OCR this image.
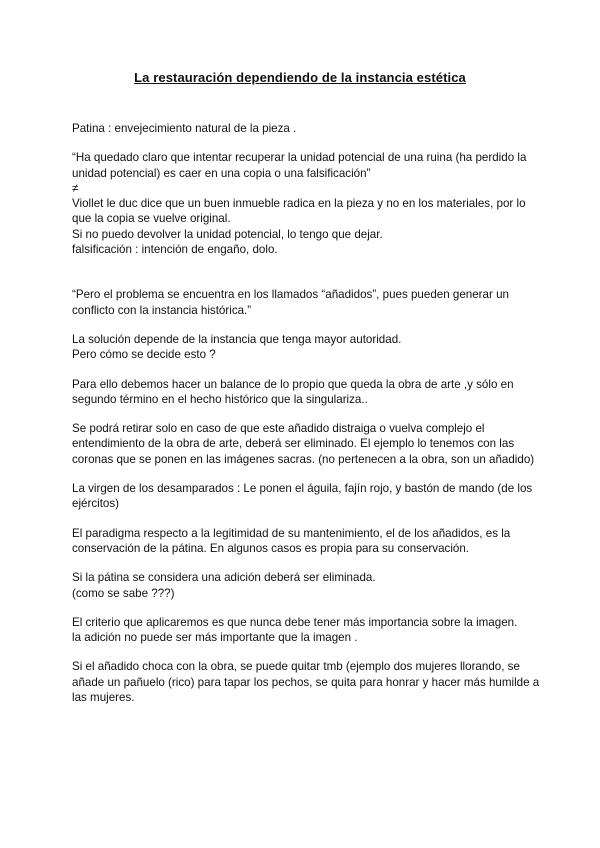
La restauración dependiendo de la instancia estética
Patina : envejecimiento natural de la pieza .
“Ha quedado claro que intentar recuperar la unidad potencial de una ruina (ha perdido la
unidad potencial) es caer en una copia o una falsificación”
≠
Viollet le duc dice que un buen inmueble radica en la pieza y no en los materiales, por lo
que la copia se vuelve original.
Si no puedo devolver la unidad potencial, lo tengo que dejar.
falsificación : intención de engaño, dolo.
“Pero el problema se encuentra en los llamados “añadidos”, pues pueden generar un
conflicto con la instancia histórica.”
La solución depende de la instancia que tenga mayor autoridad.
Pero cómo se decide esto ?
Para ello debemos hacer un balance de lo propio que queda la obra de arte ,y sólo en
segundo término en el hecho histórico que la singulariza..
Se podrá retirar solo en caso de que este añadido distraiga o vuelva complejo el
entendimiento de la obra de arte, deberá ser eliminado. El ejemplo lo tenemos con las
coronas que se ponen en las imágenes sacras. (no pertenecen a la obra, son un añadido)
La virgen de los desamparados : Le ponen el águila, fajín rojo, y bastón de mando (de los
ejércitos)
El paradigma respecto a la legitimidad de su mantenimiento, el de los añadidos, es la
conservación de la pátina. En algunos casos es propia para su conservación.
Si la pátina se considera una adición deberá ser eliminada.
(como se sabe ???)
El criterio que aplicaremos es que nunca debe tener más importancia sobre la imagen.
la adición no puede ser más importante que la imagen .
Si el añadido choca con la obra, se puede quitar tmb (ejemplo dos mujeres llorando, se
añade un pañuelo (rico) para tapar los pechos, se quita para honrar y hacer más humilde a
las mujeres.
